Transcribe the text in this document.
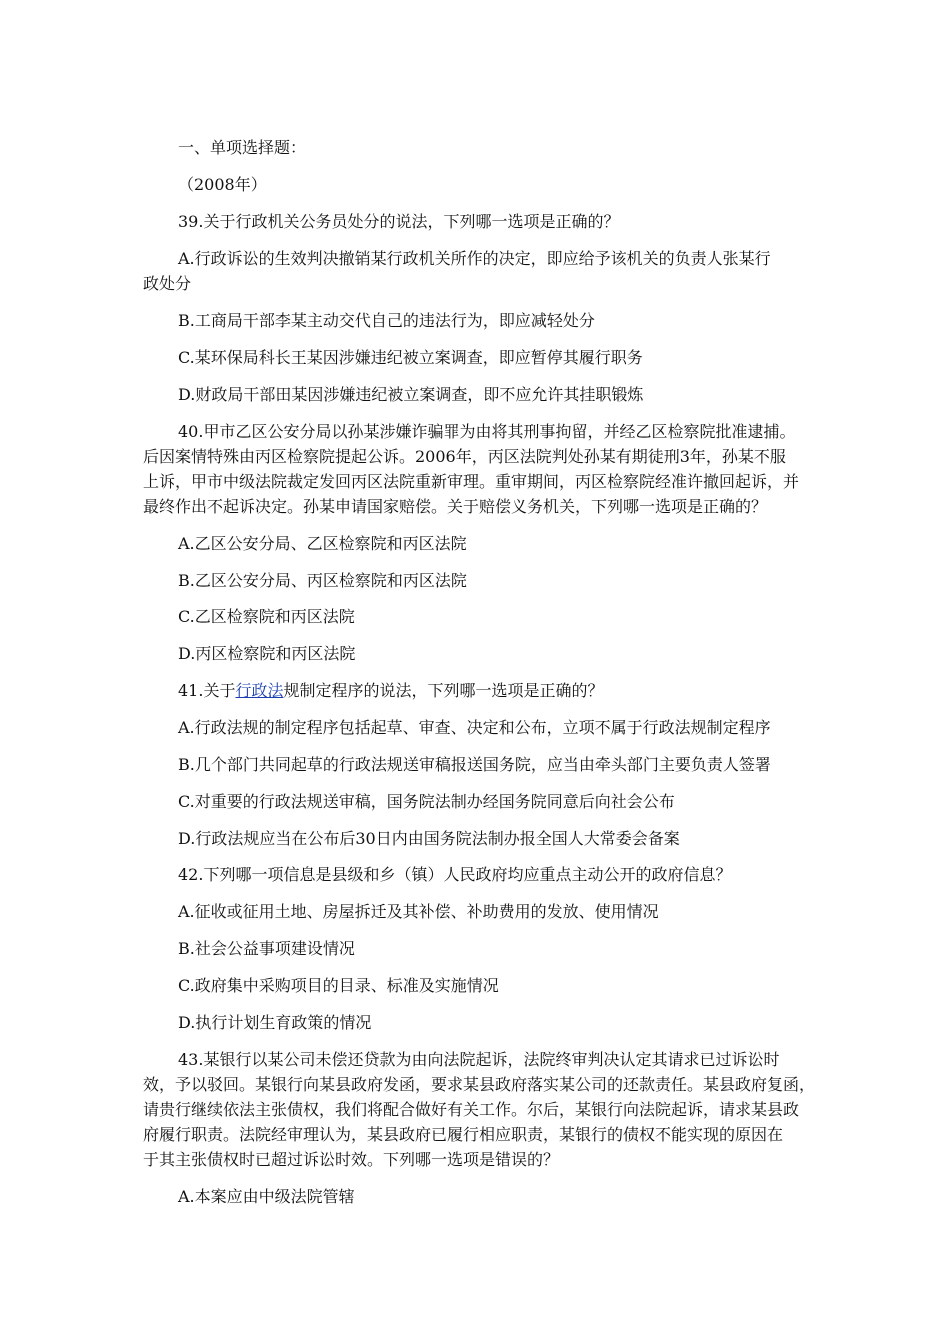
一、单项选择题：
（2008年）
39.关于行政机关公务员处分的说法，下列哪一选项是正确的？
A.行政诉讼的生效判决撤销某行政机关所作的决定，即应给予该机关的负责人张某行
政处分
B.工商局干部李某主动交代自己的违法行为，即应减轻处分
C.某环保局科长王某因涉嫌违纪被立案调查，即应暂停其履行职务
D.财政局干部田某因涉嫌违纪被立案调查，即不应允许其挂职锻炼
40.甲市乙区公安分局以孙某涉嫌诈骗罪为由将其刑事拘留，并经乙区检察院批准逮捕。
后因案情特殊由丙区检察院提起公诉。2006年，丙区法院判处孙某有期徒刑3年，孙某不服
上诉，甲市中级法院裁定发回丙区法院重新审理。重审期间，丙区检察院经准许撤回起诉，并
最终作出不起诉决定。孙某申请国家赔偿。关于赔偿义务机关，下列哪一选项是正确的？
A.乙区公安分局、乙区检察院和丙区法院
B.乙区公安分局、丙区检察院和丙区法院
C.乙区检察院和丙区法院
D.丙区检察院和丙区法院
41.关于行政法规制定程序的说法，下列哪一选项是正确的？
A.行政法规的制定程序包括起草、审查、决定和公布，立项不属于行政法规制定程序
B.几个部门共同起草的行政法规送审稿报送国务院，应当由牵头部门主要负责人签署
C.对重要的行政法规送审稿，国务院法制办经国务院同意后向社会公布
D.行政法规应当在公布后30日内由国务院法制办报全国人大常委会备案
42.下列哪一项信息是县级和乡（镇）人民政府均应重点主动公开的政府信息？
A.征收或征用土地、房屋拆迁及其补偿、补助费用的发放、使用情况
B.社会公益事项建设情况
C.政府集中采购项目的目录、标准及实施情况
D.执行计划生育政策的情况
43.某银行以某公司未偿还贷款为由向法院起诉，法院终审判决认定其请求已过诉讼时
效，予以驳回。某银行向某县政府发函，要求某县政府落实某公司的还款责任。某县政府复函，
请贵行继续依法主张债权，我们将配合做好有关工作。尔后，某银行向法院起诉，请求某县政
府履行职责。法院经审理认为，某县政府已履行相应职责，某银行的债权不能实现的原因在
于其主张债权时已超过诉讼时效。下列哪一选项是错误的？
A.本案应由中级法院管辖
